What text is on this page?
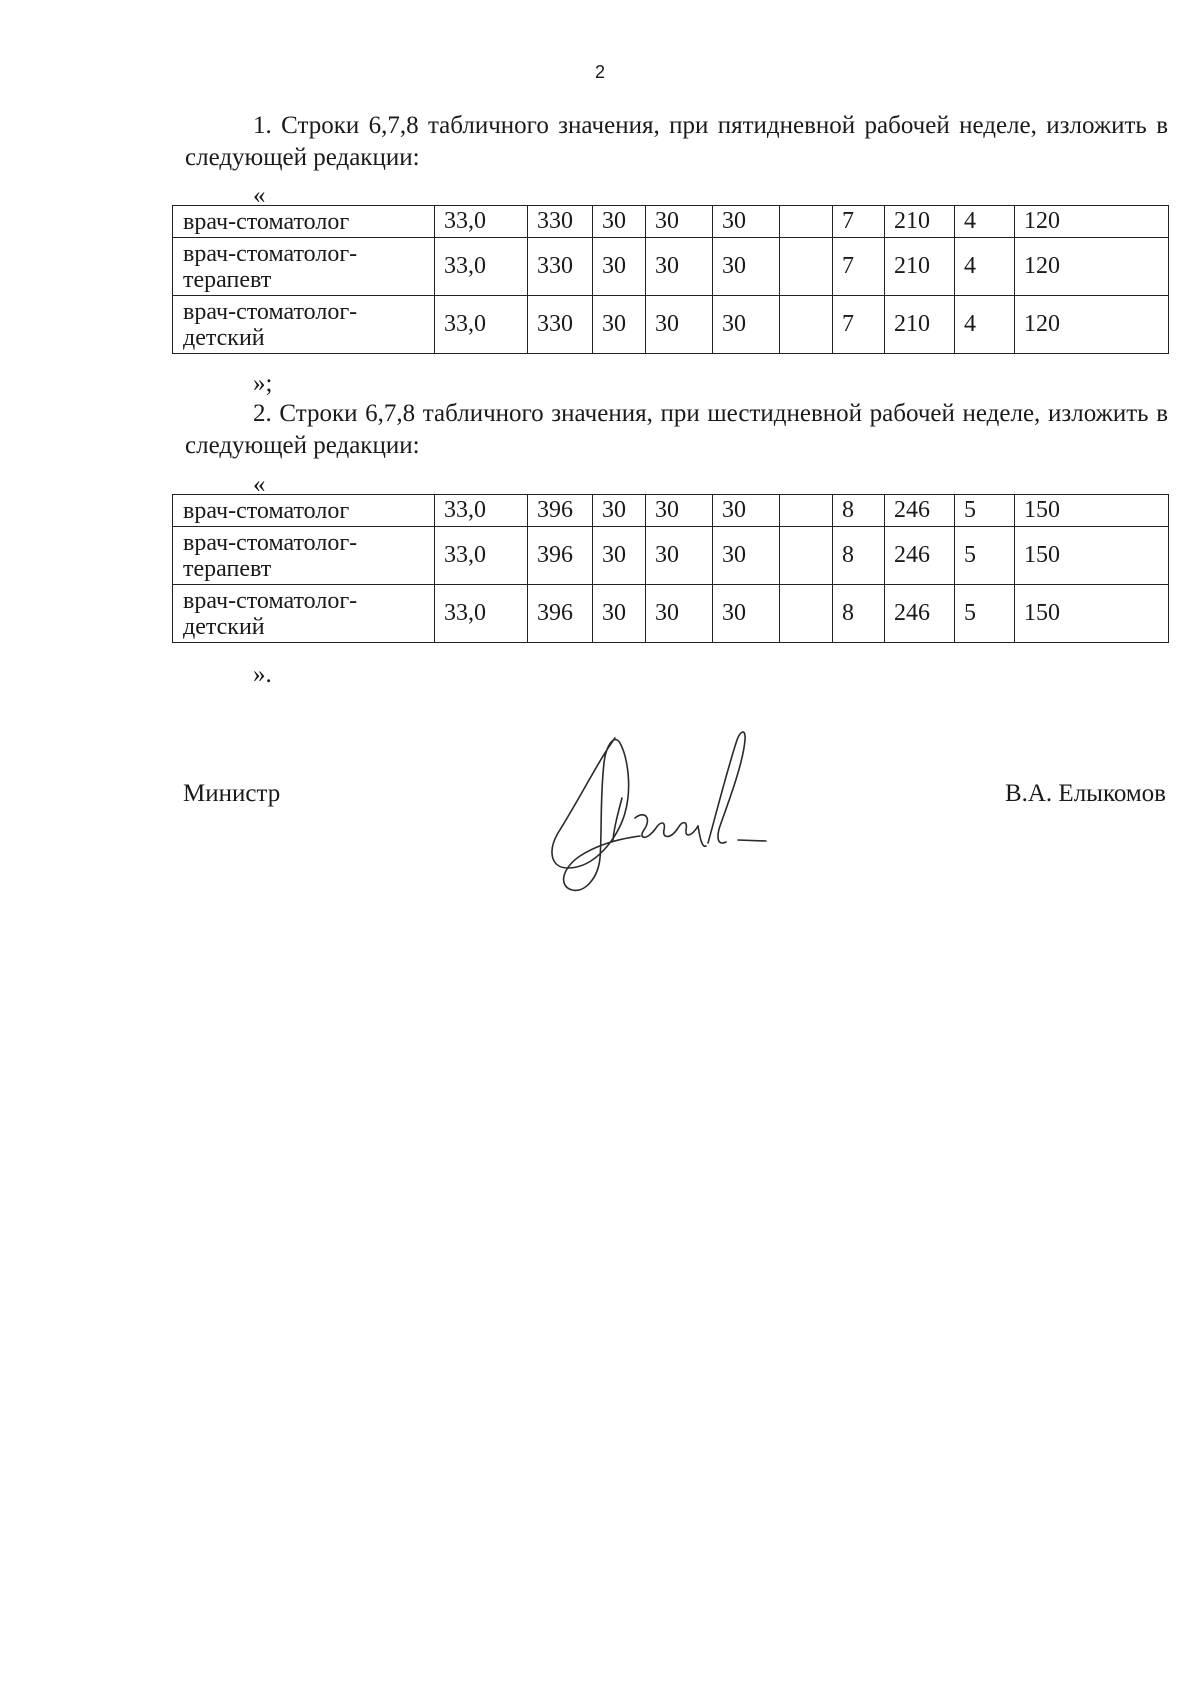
2

1. Строки 6,7,8 табличного значения, при пятидневной рабочей неделе, изложить в следующей редакции:

«
врач-стоматолог	33,0	330	30	30	30		7	210	4	120
врач-стоматолог-терапевт	33,0	330	30	30	30		7	210	4	120
врач-стоматолог-детский	33,0	330	30	30	30		7	210	4	120
»;

2. Строки 6,7,8 табличного значения, при шестидневной рабочей неделе, изложить в следующей редакции:

«
врач-стоматолог	33,0	396	30	30	30		8	246	5	150
врач-стоматолог-терапевт	33,0	396	30	30	30		8	246	5	150
врач-стоматолог-детский	33,0	396	30	30	30		8	246	5	150
».
Министр	В.А. Елыкомов
